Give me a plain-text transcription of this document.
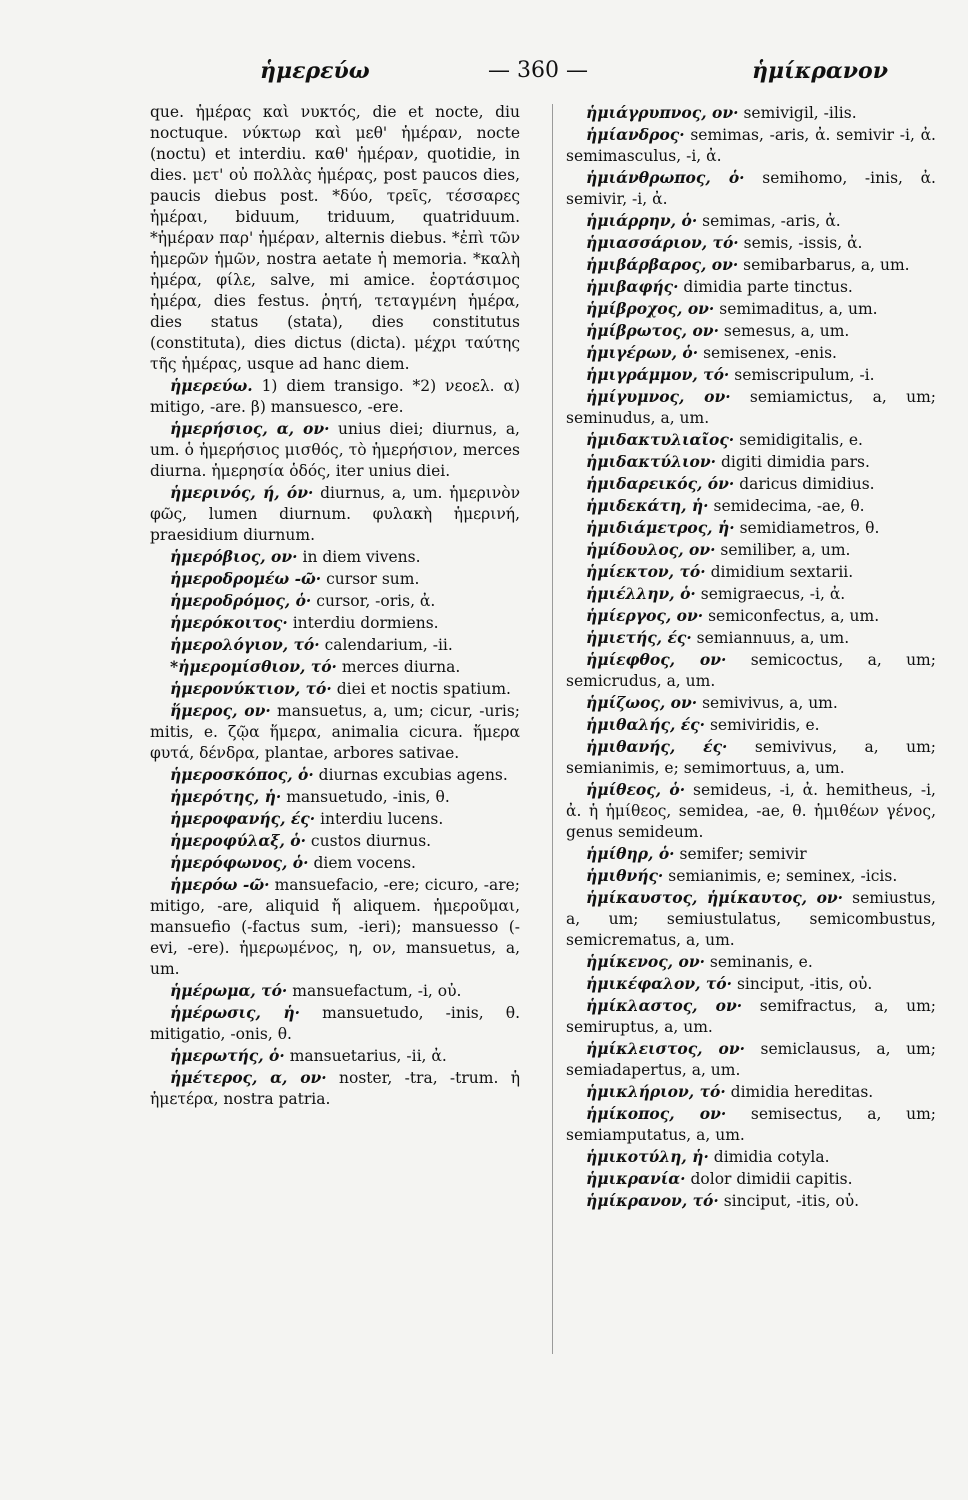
ἡμερεύω	— 360 —	ἡμίκρανον

que. ἡμέρας καὶ νυκτός, die et nocte, diu noctuque. νύκτωρ καὶ μεθ' ἡμέραν, nocte (noctu) et interdiu. καθ' ἡμέραν, quotidie, in dies. μετ' οὐ πολλὰς ἡμέρας, post paucos dies, paucis diebus post. *δύο, τρεῖς, τέσσαρες ἡμέραι, biduum, triduum, quatriduum. *ἡμέραν παρ' ἡμέραν, alternis diebus. *ἐπὶ τῶν ἡμερῶν ἡμῶν, nostra aetate ἡ memoria. *καλὴ ἡμέρα, φίλε, salve, mi amice. ἑορτάσιμος ἡμέρα, dies festus. ῥητή, τεταγμένη ἡμέρα, dies status (stata), dies constitutus (constituta), dies dictus (dicta). μέχρι ταύτης τῆς ἡμέρας, usque ad hanc diem.

ἡμερεύω. 1) diem transigo. *2) νεοελ. α) mitigo, -are. β) mansuesco, -ere.

ἡμερήσιος, α, ον· unius diei; diurnus, a, um. ὁ ἡμερήσιος μισθός, τὸ ἡμερήσιον, merces diurna. ἡμερησία ὁδός, iter unius diei.

ἡμερινός, ή, όν· diurnus, a, um. ἡμερινὸν φῶς, lumen diurnum. φυλακὴ ἡμερινή, praesidium diurnum.

ἡμερόβιος, ον· in diem vivens.

ἡμεροδρομέω -ῶ· cursor sum.

ἡμεροδρόμος, ὁ· cursor, -oris, ἀ.

ἡμερόκοιτος· interdiu dormiens.

ἡμερολόγιον, τό· calendarium, -ii.

*ἡμερομίσθιον, τό· merces diurna.

ἡμερονύκτιον, τό· diei et noctis spatium.

ἥμερος, ον· mansuetus, a, um; cicur, -uris; mitis, e. ζῷα ἥμερα, animalia cicura. ἥμερα φυτά, δένδρα, plantae, arbores sativae.

ἡμεροσκόπος, ὁ· diurnas excubias agens.

ἡμερότης, ἡ· mansuetudo, -inis, θ.

ἡμεροφανής, ές· interdiu lucens.

ἡμεροφύλαξ, ὁ· custos diurnus.

ἡμερόφωνος, ὁ· diem vocens.

ἡμερόω -ῶ· mansuefacio, -ere; cicuro, -are; mitigo, -are, aliquid ἤ aliquem. ἡμεροῦμαι, mansuefio (-factus sum, -ieri); mansuesso (-evi, -ere). ἡμερωμένος, η, ον, mansuetus, a, um.

ἡμέρωμα, τό· mansuefactum, -i, οὐ.

ἡμέρωσις, ἡ· mansuetudo, -inis, θ. mitigatio, -onis, θ.

ἡμερωτής, ὁ· mansuetarius, -ii, ἀ.

ἡμέτερος, α, ον· noster, -tra, -trum. ἡ ἡμετέρα, nostra patria.

ἡμιάγρυπνος, ον· semivigil, -ilis.

ἡμίανδρος· semimas, -aris, ἀ. semivir -i, ἀ. semimasculus, -i, ἀ.

ἡμιάνθρωπος, ὁ· semihomo, -inis, ἀ. semivir, -i, ἀ.

ἡμιάρρην, ὁ· semimas, -aris, ἀ.

ἡμιασσάριον, τό· semis, -issis, ἀ.

ἡμιβάρβαρος, ον· semibarbarus, a, um.

ἡμιβαφής· dimidia parte tinctus.

ἡμίβροχος, ον· semimaditus, a, um.

ἡμίβρωτος, ον· semesus, a, um.

ἡμιγέρων, ὁ· semisenex, -enis.

ἡμιγράμμον, τό· semiscripulum, -i.

ἡμίγυμνος, ον· semiamictus, a, um; seminudus, a, um.

ἡμιδακτυλιαῖος· semidigitalis, e.

ἡμιδακτύλιον· digiti dimidia pars.

ἡμιδαρεικός, όν· daricus dimidius.

ἡμιδεκάτη, ἡ· semidecima, -ae, θ.

ἡμιδιάμετρος, ἡ· semidiametros, θ.

ἡμίδουλος, ον· semiliber, a, um.

ἡμίεκτον, τό· dimidium sextarii.

ἡμιέλλην, ὁ· semigraecus, -i, ἀ.

ἡμίεργος, ον· semiconfectus, a, um.

ἡμιετής, ές· semiannuus, a, um.

ἡμίεφθος, ον· semicoctus, a, um; semicrudus, a, um.

ἡμίζωος, ον· semivivus, a, um.

ἡμιθαλής, ές· semiviridis, e.

ἡμιθανής, ές· semivivus, a, um; semianimis, e; semimortuus, a, um.

ἡμίθεος, ὁ· semideus, -i, ἀ. hemitheus, -i, ἀ. ἡ ἡμίθεος, semidea, -ae, θ. ἡμιθέων γένος, genus semideum.

ἡμίθηρ, ὁ· semifer; semivir

ἡμιθνής· semianimis, e; seminex, -icis.

ἡμίκαυστος, ἡμίκαυτος, ον· semiustus, a, um; semiustulatus, semicombustus, semicrematus, a, um.

ἡμίκενος, ον· seminanis, e.

ἡμικέφαλον, τό· sinciput, -itis, οὐ.

ἡμίκλαστος, ον· semifractus, a, um; semiruptus, a, um.

ἡμίκλειστος, ον· semiclausus, a, um; semiadapertus, a, um.

ἡμικλήριον, τό· dimidia hereditas.

ἡμίκοπος, ον· semisectus, a, um; semiamputatus, a, um.

ἡμικοτύλη, ἡ· dimidia cotyla.

ἡμικρανία· dolor dimidii capitis.

ἡμίκρανον, τό· sinciput, -itis, οὐ.
